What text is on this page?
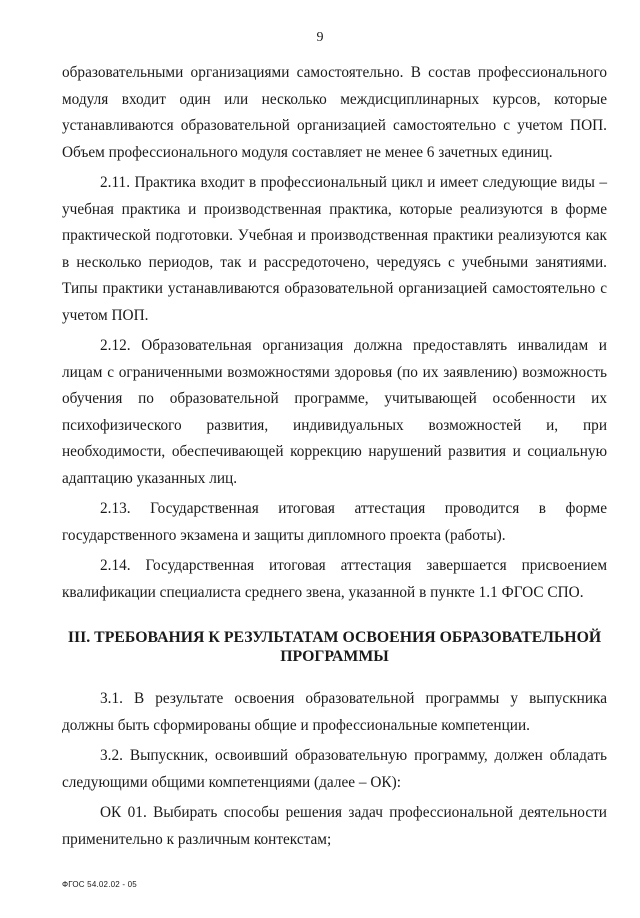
9

образовательными организациями самостоятельно. В состав профессионального модуля входит один или несколько междисциплинарных курсов, которые устанавливаются образовательной организацией самостоятельно с учетом ПОП. Объем профессионального модуля составляет не менее 6 зачетных единиц.

2.11. Практика входит в профессиональный цикл и имеет следующие виды – учебная практика и производственная практика, которые реализуются в форме практической подготовки. Учебная и производственная практики реализуются как в несколько периодов, так и рассредоточено, чередуясь с учебными занятиями. Типы практики устанавливаются образовательной организацией самостоятельно с учетом ПОП.

2.12. Образовательная организация должна предоставлять инвалидам и лицам с ограниченными возможностями здоровья (по их заявлению) возможность обучения по образовательной программе, учитывающей особенности их психофизического развития, индивидуальных возможностей и, при необходимости, обеспечивающей коррекцию нарушений развития и социальную адаптацию указанных лиц.

2.13. Государственная итоговая аттестация проводится в форме государственного экзамена и защиты дипломного проекта (работы).

2.14. Государственная итоговая аттестация завершается присвоением квалификации специалиста среднего звена, указанной в пункте 1.1 ФГОС СПО.

III. ТРЕБОВАНИЯ К РЕЗУЛЬТАТАМ ОСВОЕНИЯ ОБРАЗОВАТЕЛЬНОЙ ПРОГРАММЫ

3.1. В результате освоения образовательной программы у выпускника должны быть сформированы общие и профессиональные компетенции.

3.2. Выпускник, освоивший образовательную программу, должен обладать следующими общими компетенциями (далее – ОК):

ОК 01. Выбирать способы решения задач профессиональной деятельности применительно к различным контекстам;

ФГОС 54.02.02 - 05
